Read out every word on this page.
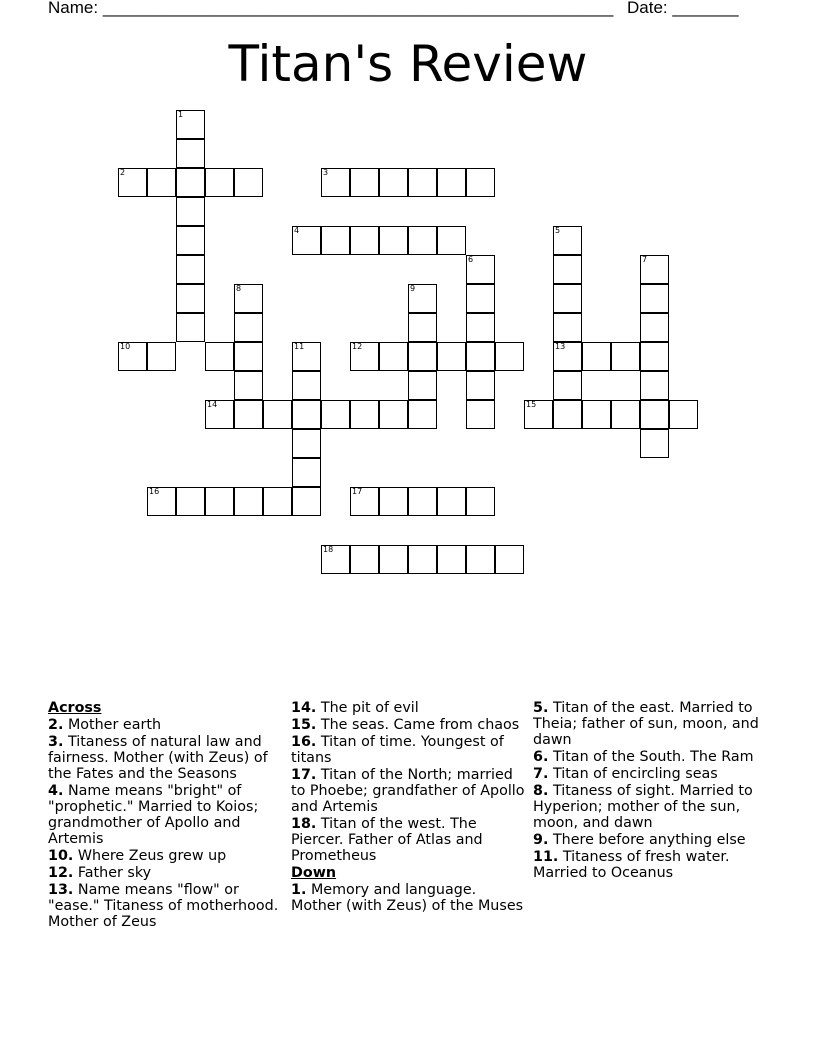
Name: ______________________________________________________ Date: _______
Titan's Review
1
2	3
4	5
13
6	7
8	9
10	11	12
14	15
16	17
18

Across

2. Mother earth

3. Titaness of natural law and fairness. Mother (with Zeus) of the Fates and the Seasons

4. Name means "bright" of "prophetic." Married to Koios; grandmother of Apollo and Artemis

10. Where Zeus grew up

12. Father sky

13. Name means "flow" or "ease." Titaness of motherhood. Mother of Zeus

14. The pit of evil

15. The seas. Came from chaos

16. Titan of time. Youngest of titans

17. Titan of the North; married to Phoebe; grandfather of Apollo and Artemis

18. Titan of the west. The Piercer. Father of Atlas and Prometheus

Down

1. Memory and language. Mother (with Zeus) of the Muses

5. Titan of the east. Married to Theia; father of sun, moon, and dawn

6. Titan of the South. The Ram

7. Titan of encircling seas

8. Titaness of sight. Married to Hyperion; mother of the sun, moon, and dawn

9. There before anything else

11. Titaness of fresh water. Married to Oceanus
